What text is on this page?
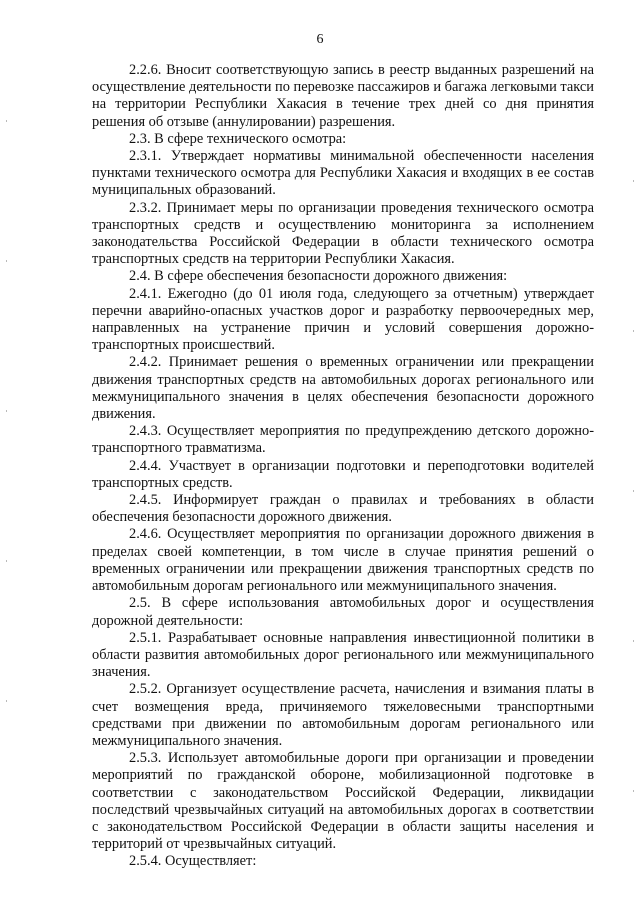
6

2.2.6. Вносит соответствующую запись в реестр выданных разрешений на осуществление деятельности по перевозке пассажиров и багажа легковыми такси на территории Республики Хакасия в течение трех дней со дня принятия решения об отзыве (аннулировании) разрешения.

2.3. В сфере технического осмотра:

2.3.1. Утверждает нормативы минимальной обеспеченности населения пунктами технического осмотра для Республики Хакасия и входящих в ее состав муниципальных образований.

2.3.2. Принимает меры по организации проведения технического осмотра транспортных средств и осуществлению мониторинга за исполнением законодательства Российской Федерации в области технического осмотра транспортных средств на территории Республики Хакасия.

2.4. В сфере обеспечения безопасности дорожного движения:

2.4.1. Ежегодно (до 01 июля года, следующего за отчетным) утверждает перечни аварийно-опасных участков дорог и разработку первоочередных мер, направленных на устранение причин и условий совершения дорожно-транспортных происшествий.

2.4.2. Принимает решения о временных ограничении или прекращении движения транспортных средств на автомобильных дорогах регионального или межмуниципального значения в целях обеспечения безопасности дорожного движения.

2.4.3. Осуществляет мероприятия по предупреждению детского дорожно-транспортного травматизма.

2.4.4. Участвует в организации подготовки и переподготовки водителей транспортных средств.

2.4.5. Информирует граждан о правилах и требованиях в области обеспечения безопасности дорожного движения.

2.4.6. Осуществляет мероприятия по организации дорожного движения в пределах своей компетенции, в том числе в случае принятия решений о временных ограничении или прекращении движения транспортных средств по автомобильным дорогам регионального или межмуниципального значения.

2.5. В сфере использования автомобильных дорог и осуществления дорожной деятельности:

2.5.1. Разрабатывает основные направления инвестиционной политики в области развития автомобильных дорог регионального или межмуниципального значения.

2.5.2. Организует осуществление расчета, начисления и взимания платы в счет возмещения вреда, причиняемого тяжеловесными транспортными средствами при движении по автомобильным дорогам регионального или межмуниципального значения.

2.5.3. Использует автомобильные дороги при организации и проведении мероприятий по гражданской обороне, мобилизационной подготовке в соответствии с законодательством Российской Федерации, ликвидации последствий чрезвычайных ситуаций на автомобильных дорогах в соответствии с законодательством Российской Федерации в области защиты населения и территорий от чрезвычайных ситуаций.

2.5.4. Осуществляет:
